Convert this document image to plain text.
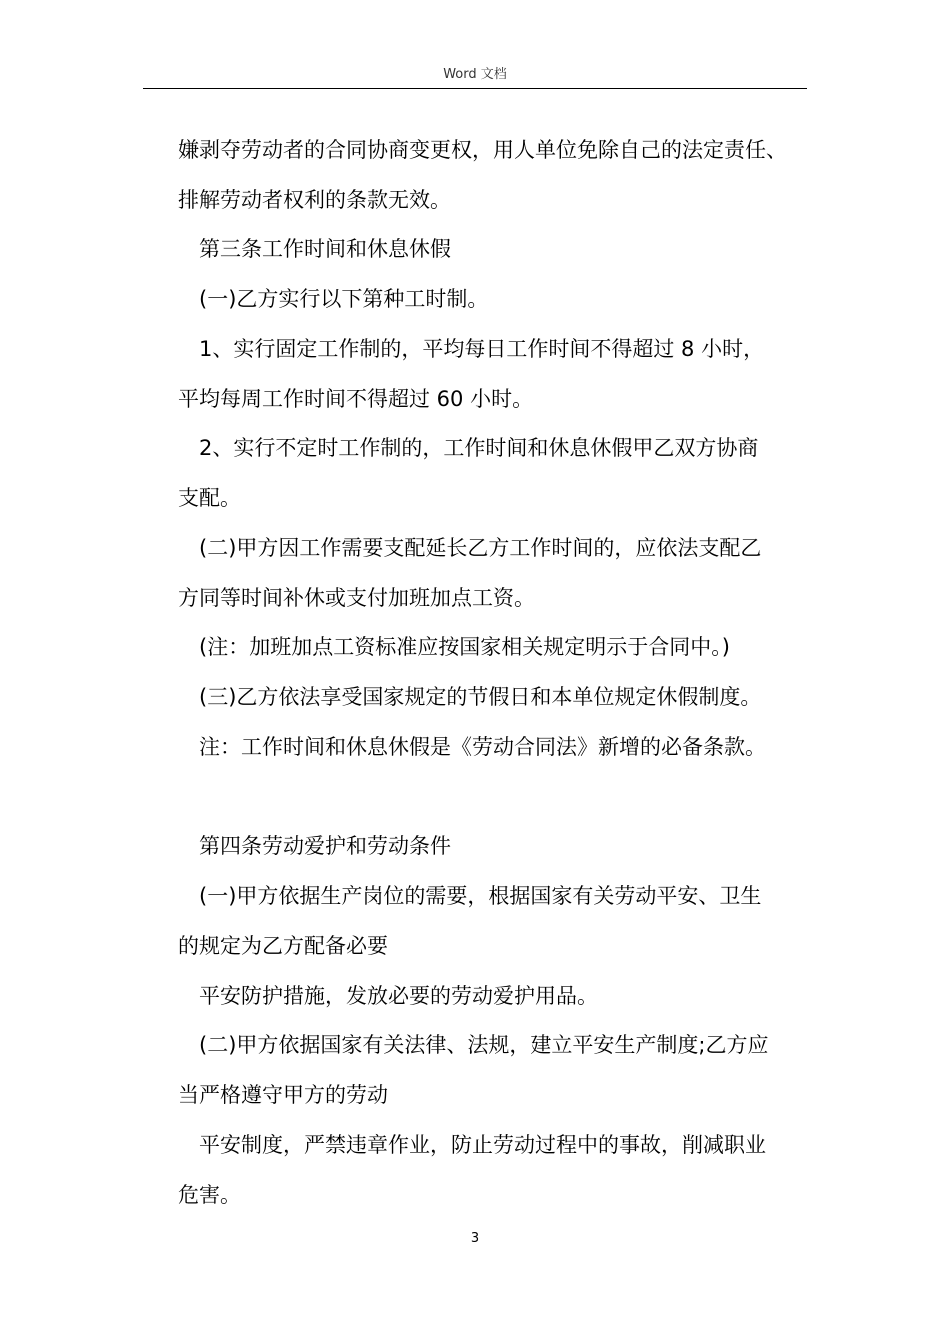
Word 文档
嫌剥夺劳动者的合同协商变更权，用人单位免除自己的法定责任、
排解劳动者权利的条款无效。
第三条工作时间和休息休假
(一)乙方实行以下第种工时制。
1、实行固定工作制的，平均每日工作时间不得超过 8 小时，
平均每周工作时间不得超过 60 小时。
2、实行不定时工作制的，工作时间和休息休假甲乙双方协商
支配。
(二)甲方因工作需要支配延长乙方工作时间的，应依法支配乙
方同等时间补休或支付加班加点工资。
(注：加班加点工资标准应按国家相关规定明示于合同中。)
(三)乙方依法享受国家规定的节假日和本单位规定休假制度。
注：工作时间和休息休假是《劳动合同法》新增的必备条款。
第四条劳动爱护和劳动条件
(一)甲方依据生产岗位的需要，根据国家有关劳动平安、卫生
的规定为乙方配备必要
平安防护措施，发放必要的劳动爱护用品。
(二)甲方依据国家有关法律、法规，建立平安生产制度;乙方应
当严格遵守甲方的劳动
平安制度，严禁违章作业，防止劳动过程中的事故，削减职业
危害。
3
